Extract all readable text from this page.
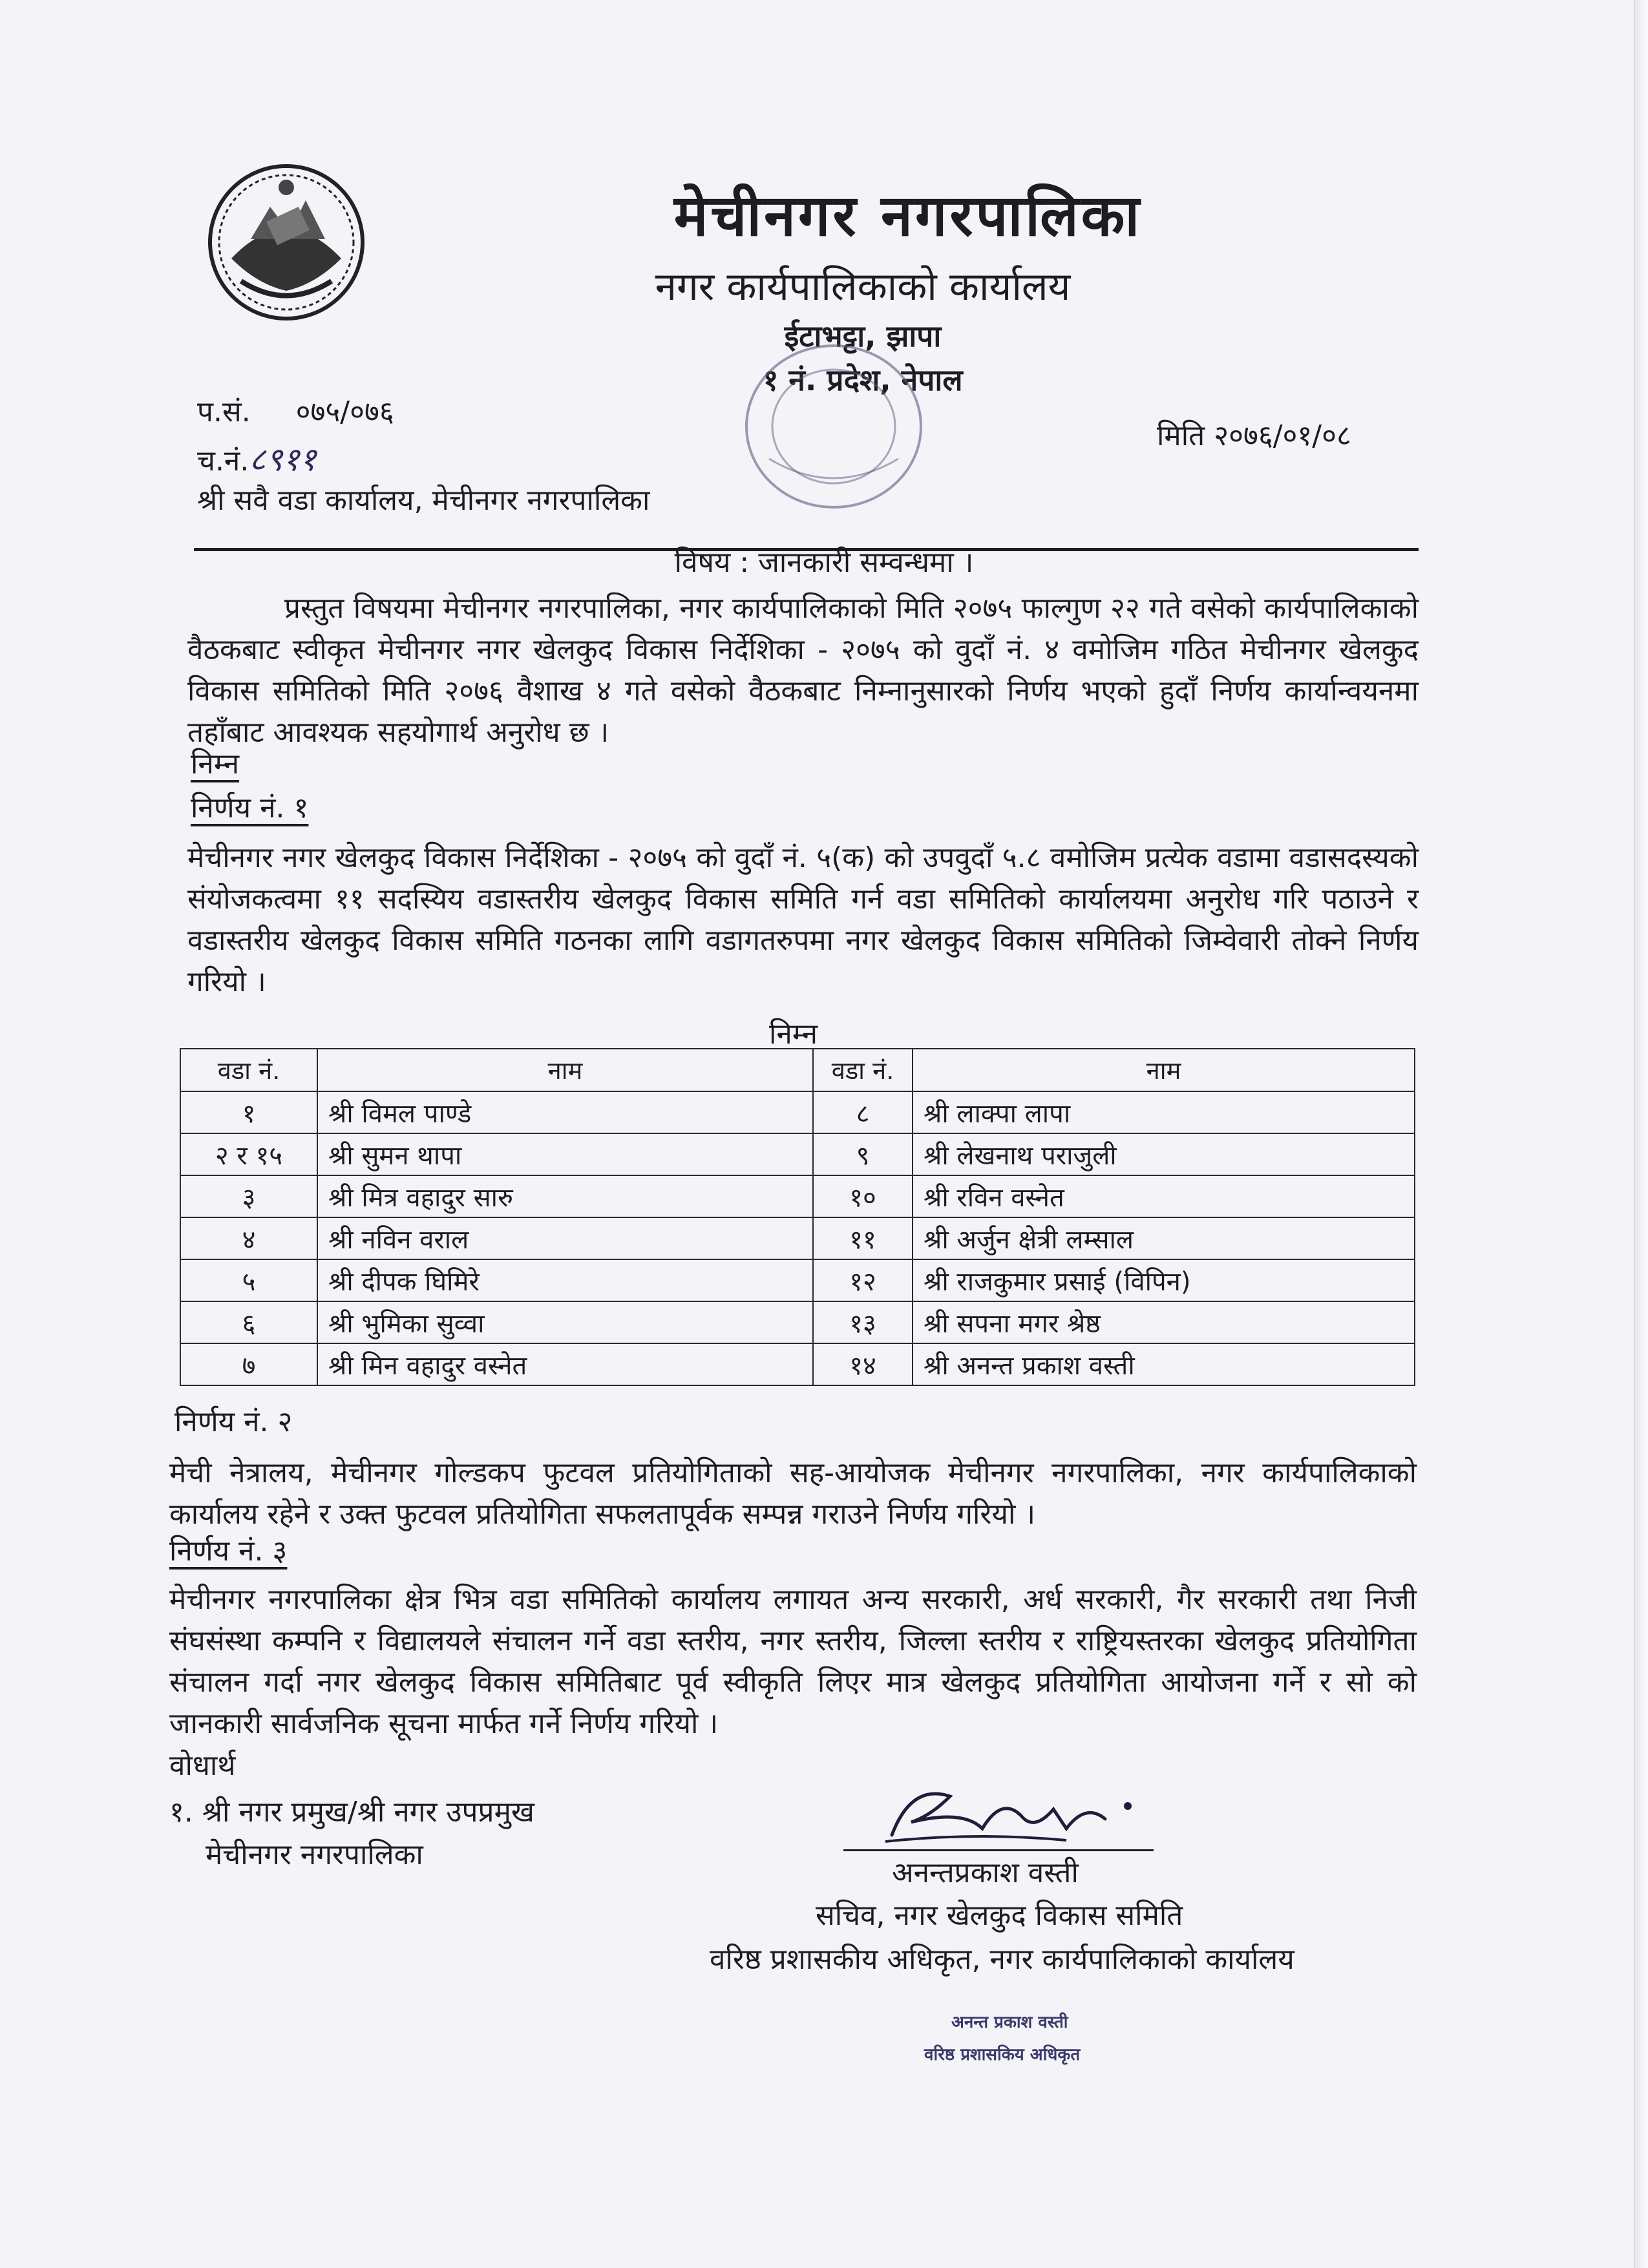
मेचीनगर नगरपालिका
नगर कार्यपालिकाको कार्यालय
ईटाभट्टा, झापा
१ नं. प्रदेश, नेपाल
प.सं. ०७५/०७६
च.नं.८९११
मिति २०७६/०१/०८
श्री सवै वडा कार्यालय, मेचीनगर नगरपालिका
विषय : जानकारी सम्वन्धमा ।
प्रस्तुत विषयमा मेचीनगर नगरपालिका, नगर कार्यपालिकाको मिति २०७५ फाल्गुण २२ गते वसेको कार्यपालिकाको वैठकबाट स्वीकृत मेचीनगर नगर खेलकुद विकास निर्देशिका - २०७५ को वुदाँ नं. ४ वमोजिम गठित मेचीनगर खेलकुद विकास समितिको मिति २०७६ वैशाख ४ गते वसेको वैठकबाट निम्नानुसारको निर्णय भएको हुदाँ निर्णय कार्यान्वयनमा तहाँबाट आवश्यक सहयोगार्थ अनुरोध छ ।
निम्न
निर्णय नं. १
मेचीनगर नगर खेलकुद विकास निर्देशिका - २०७५ को वुदाँ नं. ५(क) को उपवुदाँ ५.८ वमोजिम प्रत्येक वडामा वडासदस्यको संयोजकत्वमा ११ सदस्यिय वडास्तरीय खेलकुद विकास समिति गर्न वडा समितिको कार्यालयमा अनुरोध गरि पठाउने र वडास्तरीय खेलकुद विकास समिति गठनका लागि वडागतरुपमा नगर खेलकुद विकास समितिको जिम्वेवारी तोक्ने निर्णय गरियो ।
निम्न
वडा नं.	नाम	वडा नं.	नाम
१	श्री विमल पाण्डे	८	श्री लाक्पा लापा
२ र १५	श्री सुमन थापा	९	श्री लेखनाथ पराजुली
३	श्री मित्र वहादुर सारु	१०	श्री रविन वस्नेत
४	श्री नविन वराल	११	श्री अर्जुन क्षेत्री लम्साल
५	श्री दीपक घिमिरे	१२	श्री राजकुमार प्रसाई (विपिन)
६	श्री भुमिका सुव्वा	१३	श्री सपना मगर श्रेष्ठ
७	श्री मिन वहादुर वस्नेत	१४	श्री अनन्त प्रकाश वस्ती
निर्णय नं. २
मेची नेत्रालय, मेचीनगर गोल्डकप फुटवल प्रतियोगिताको सह-आयोजक मेचीनगर नगरपालिका, नगर कार्यपालिकाको कार्यालय रहेने र उक्त फुटवल प्रतियोगिता सफलतापूर्वक सम्पन्न गराउने निर्णय गरियो ।
निर्णय नं. ३
मेचीनगर नगरपालिका क्षेत्र भित्र वडा समितिको कार्यालय लगायत अन्य सरकारी, अर्ध सरकारी, गैर सरकारी तथा निजी संघसंस्था कम्पनि र विद्यालयले संचालन गर्ने वडा स्तरीय, नगर स्तरीय, जिल्ला स्तरीय र राष्ट्रियस्तरका खेलकुद प्रतियोगिता संचालन गर्दा नगर खेलकुद विकास समितिबाट पूर्व स्वीकृति लिएर मात्र खेलकुद प्रतियोगिता आयोजना गर्ने र सो को जानकारी सार्वजनिक सूचना मार्फत गर्ने निर्णय गरियो ।
वोधार्थ
१. श्री नगर प्रमुख/श्री नगर उपप्रमुख
मेचीनगर नगरपालिका
अनन्तप्रकाश वस्ती
सचिव, नगर खेलकुद विकास समिति
वरिष्ठ प्रशासकीय अधिकृत, नगर कार्यपालिकाको कार्यालय
अनन्त प्रकाश वस्ती
वरिष्ठ प्रशासकिय अधिकृत
